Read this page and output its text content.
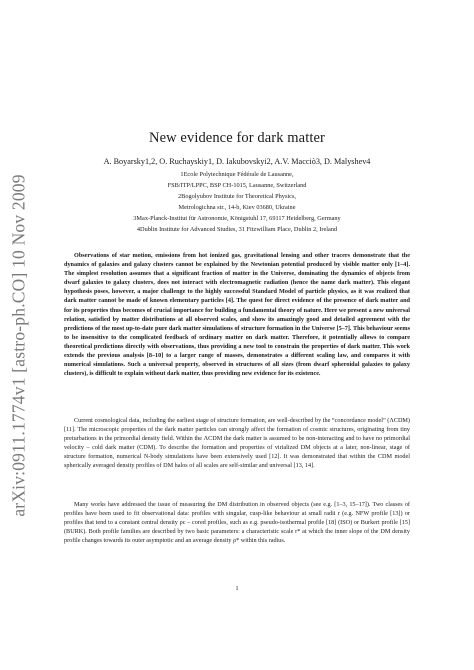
arXiv:0911.1774v1 [astro-ph.CO] 10 Nov 2009
New evidence for dark matter
A. Boyarsky1,2, O. Ruchayskiy1, D. Iakubovskyi2, A.V. Macciò3, D. Malyshev4
1Ecole Polytechnique Fédérale de Lausanne,
FSB/ITP/LPPC, BSP CH-1015, Lausanne, Switzerland
2Bogolyubov Institute for Theoretical Physics,
Metrologichna str., 14-b, Kiev 03680, Ukraine
3Max-Planck-Institut für Astronomie, Königstuhl 17, 69117 Heidelberg, Germany
4Dublin Institute for Advanced Studies, 31 Fitzwilliam Place, Dublin 2, Ireland

Observations of star motion, emissions from hot ionized gas, gravitational lensing and other tracers demonstrate that the dynamics of galaxies and galaxy clusters cannot be explained by the Newtonian potential produced by visible matter only [1–4]. The simplest resolution assumes that a significant fraction of matter in the Universe, dominating the dynamics of objects from dwarf galaxies to galaxy clusters, does not interact with electromagnetic radiation (hence the name dark matter). This elegant hypothesis poses, however, a major challenge to the highly successful Standard Model of particle physics, as it was realized that dark matter cannot be made of known elementary particles [4]. The quest for direct evidence of the presence of dark matter and for its properties thus becomes of crucial importance for building a fundamental theory of nature. Here we present a new universal relation, satisfied by matter distributions at all observed scales, and show its amazingly good and detailed agreement with the predictions of the most up-to-date pure dark matter simulations of structure formation in the Universe [5–7]. This behaviour seems to be insensitive to the complicated feedback of ordinary matter on dark matter. Therefore, it potentially allows to compare theoretical predictions directly with observations, thus providing a new tool to constrain the properties of dark matter. This work extends the previous analysis [8–10] to a larger range of masses, demonstrates a different scaling law, and compares it with numerical simulations. Such a universal property, observed in structures of all sizes (from dwarf spheroidal galaxies to galaxy clusters), is difficult to explain without dark matter, thus providing new evidence for its existence.

Current cosmological data, including the earliest stage of structure formation, are well-described by the “concordance model” (ΛCDM) [11]. The microscopic properties of the dark matter particles can strongly affect the formation of cosmic structures, originating from tiny preturbations in the primordial density field. Within the ΛCDM the dark matter is assumed to be non-interacting and to have no primordial velocity – cold dark matter (CDM). To describe the formation and properties of virialized DM objects at a later, non-linear, stage of structure formation, numerical N-body simulations have been extensively used [12]. It was demonstrated that within the CDM model spherically averaged density profiles of DM halos of all scales are self-similar and universal [13, 14].

Many works have addressed the issue of measuring the DM distribution in observed objects (see e.g. [1–3, 15–17]). Two classes of profiles have been used to fit observational data: profiles with singular, cusp-like behaviour at small radii r (e.g. NFW profile [13]) or profiles that tend to a constant central density ρc – cored profiles, such as e.g. pseudo-isothermal profile [18] (ISO) or Burkert profile [15] (BURK). Both profile families are described by two basic parameters: a characteristic scale r* at which the inner slope of the DM density profile changes towards its outer asymptotic and an average density ρ* within this radius.

1
